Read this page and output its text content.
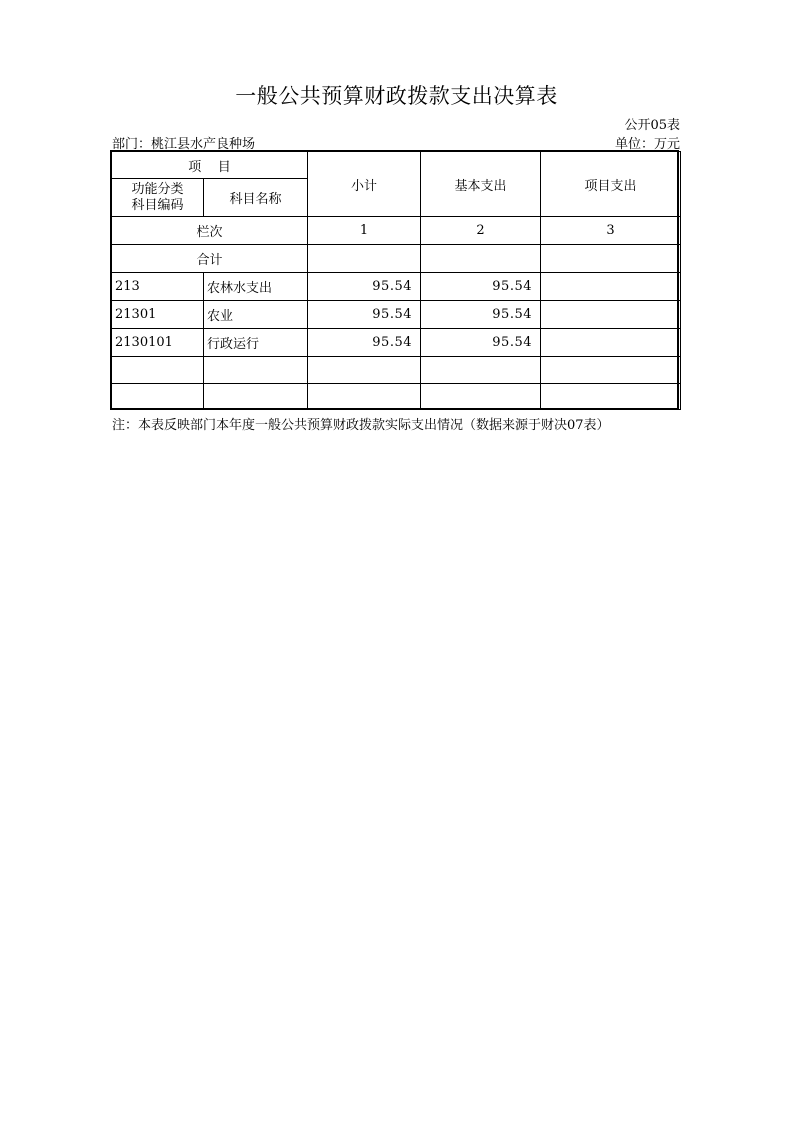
一般公共预算财政拨款支出决算表
公开05表
部门：桃江县水产良种场	单位：万元
项    目		小计	基本支出	项目支出

功能分类
科目编码	科目名称			
栏次		1	2	3
合计				
213	农林水支出	95.54	95.54	
21301	农业	95.54	95.54	
2130101	行政运行	95.54	95.54	

注：本表反映部门本年度一般公共预算财政拨款实际支出情况（数据来源于财决07表）
